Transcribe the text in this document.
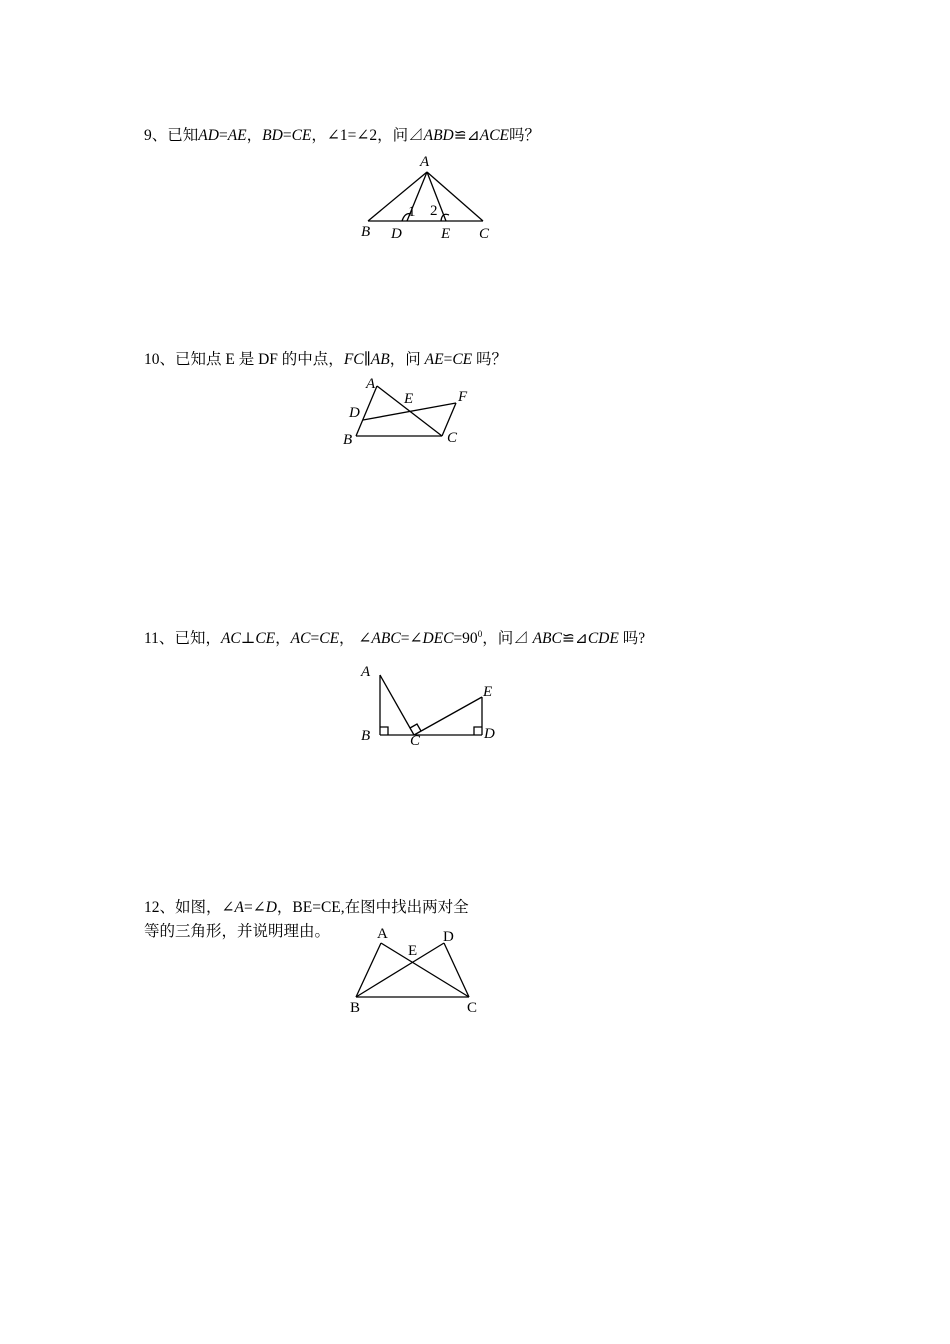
9、已知AD=AE，BD=CE，∠1=∠2，问⊿ABD≌⊿ACE吗？
A
B D	E C
1 2
10、已知点 E 是 DF 的中点，FC∥AB，问 AE=CE 吗？
A
E	F
D
B	C
11、已知，AC⊥CE，AC=CE， $\angle ABC=\angle DEC=90^0$，问⊿ ABC≌⊿CDE 吗?
A
B	C	D
E
12、如图，∠A=∠D，BE=CE,在图中找出两对全
等的三角形，并说明理由。	A	D
E
B	C
